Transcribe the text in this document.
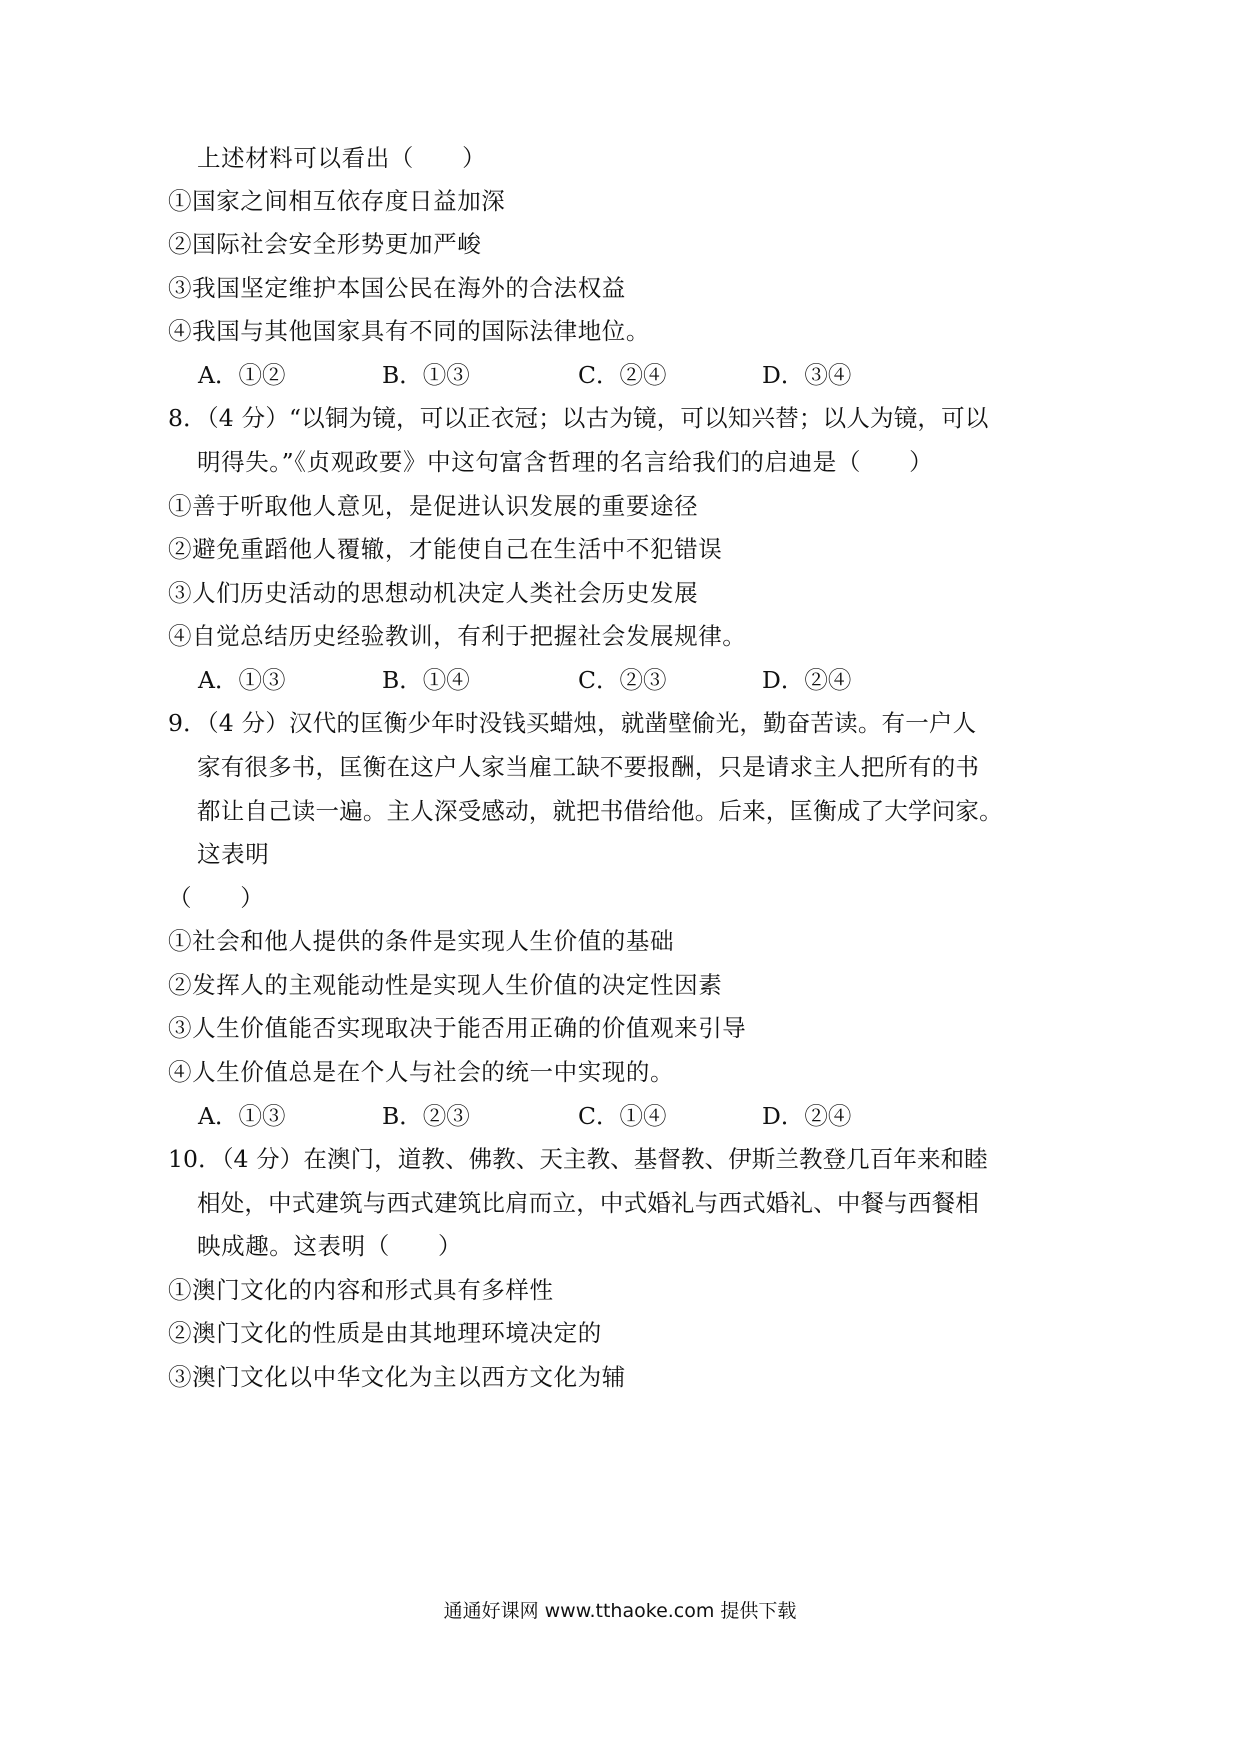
上述材料可以看出（　　）
①国家之间相互依存度日益加深
②国际社会安全形势更加严峻
③我国坚定维护本国公民在海外的合法权益
④我国与其他国家具有不同的国际法律地位。
A．①②	B．①③	C．②④	D．③④
8．（4 分）“以铜为镜，可以正衣冠；以古为镜，可以知兴替；以人为镜，可以
明得失。”《贞观政要》中这句富含哲理的名言给我们的启迪是（　　）
①善于听取他人意见，是促进认识发展的重要途径
②避免重蹈他人覆辙，才能使自己在生活中不犯错误
③人们历史活动的思想动机决定人类社会历史发展
④自觉总结历史经验教训，有利于把握社会发展规律。
A．①③	B．①④	C．②③	D．②④
9．（4 分）汉代的匡衡少年时没钱买蜡烛，就凿壁偷光，勤奋苦读。有一户人
家有很多书，匡衡在这户人家当雇工缺不要报酬，只是请求主人把所有的书
都让自己读一遍。主人深受感动，就把书借给他。后来，匡衡成了大学问家。
这表明
（　　）
①社会和他人提供的条件是实现人生价值的基础
②发挥人的主观能动性是实现人生价值的决定性因素
③人生价值能否实现取决于能否用正确的价值观来引导
④人生价值总是在个人与社会的统一中实现的。
A．①③	B．②③	C．①④	D．②④
10．（4 分）在澳门，道教、佛教、天主教、基督教、伊斯兰教登几百年来和睦
相处，中式建筑与西式建筑比肩而立，中式婚礼与西式婚礼、中餐与西餐相
映成趣。这表明（　　）
①澳门文化的内容和形式具有多样性
②澳门文化的性质是由其地理环境决定的
③澳门文化以中华文化为主以西方文化为辅
通通好课网 www.tthaoke.com 提供下载
